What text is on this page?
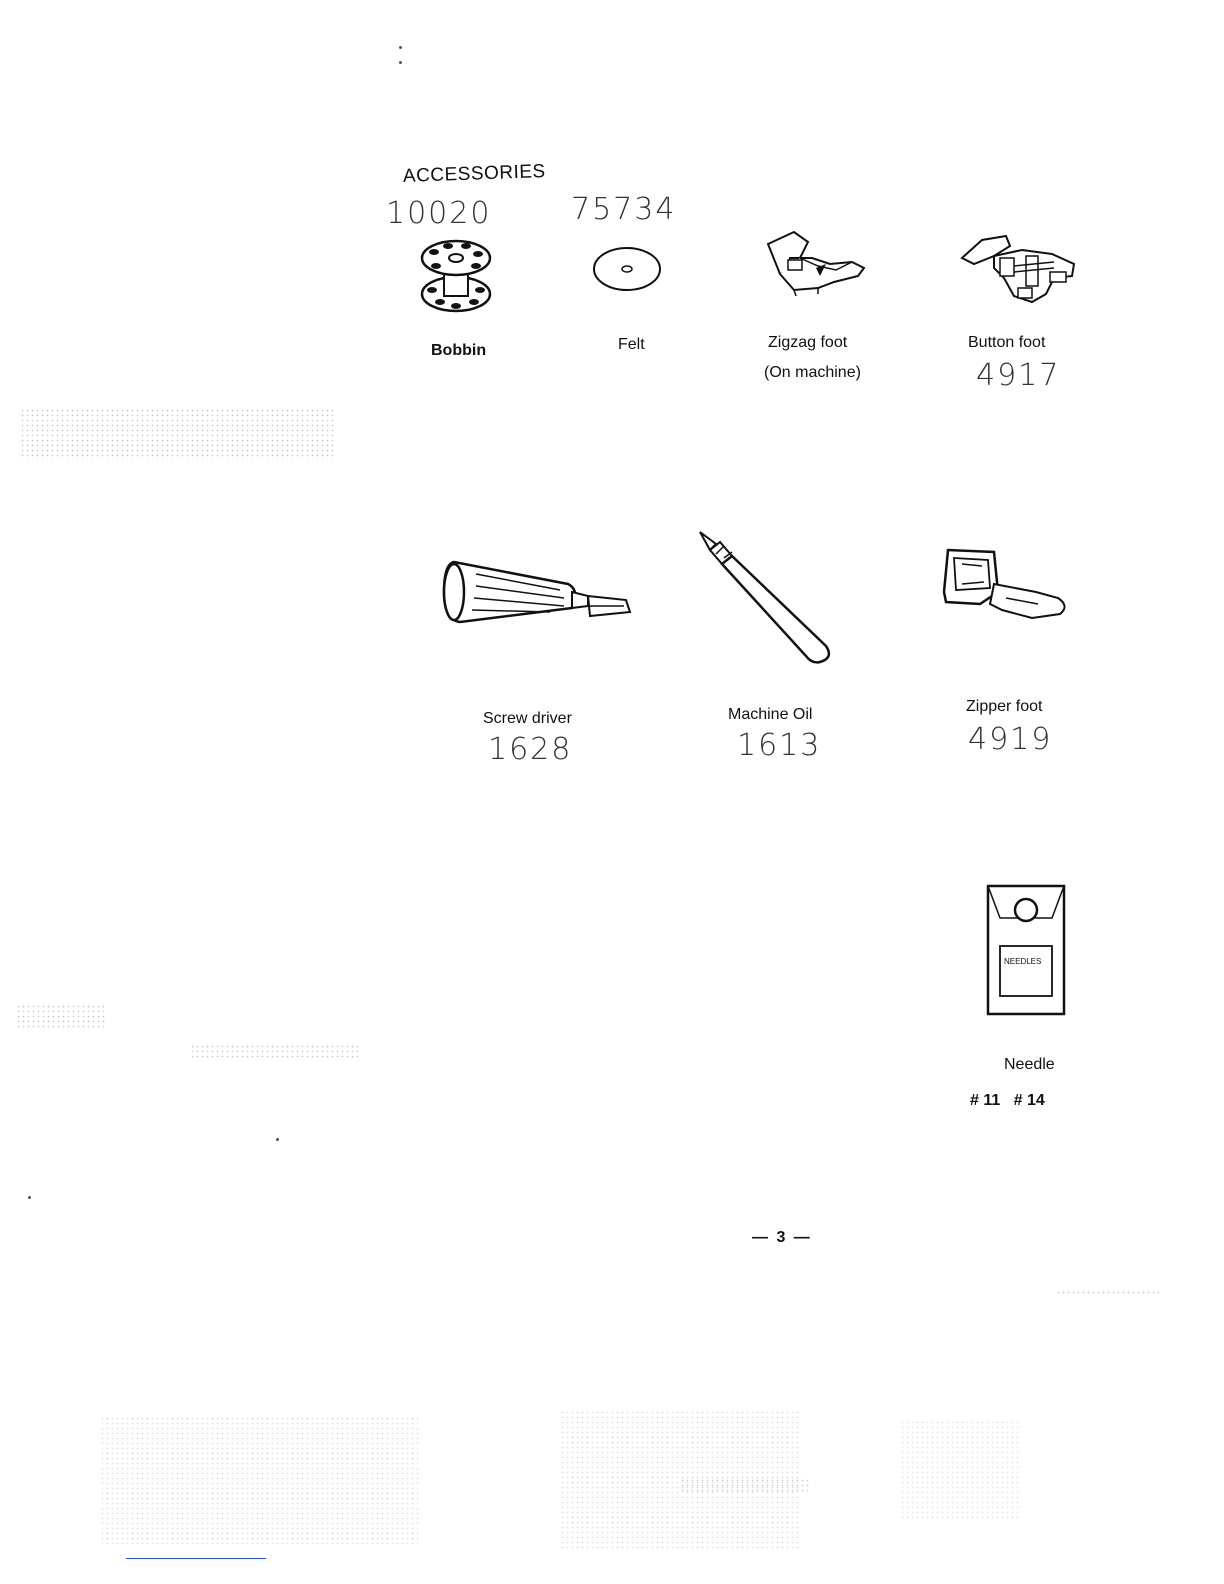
ACCESSORIES
10020
Bobbin
75734
Felt	Zigzag foot
(On machine)
Button foot
4917
Screw driver
1628
Machine Oil
1613
Zipper foot
4919
NEEDLES
Needle
# 11   # 14
— 3 —
